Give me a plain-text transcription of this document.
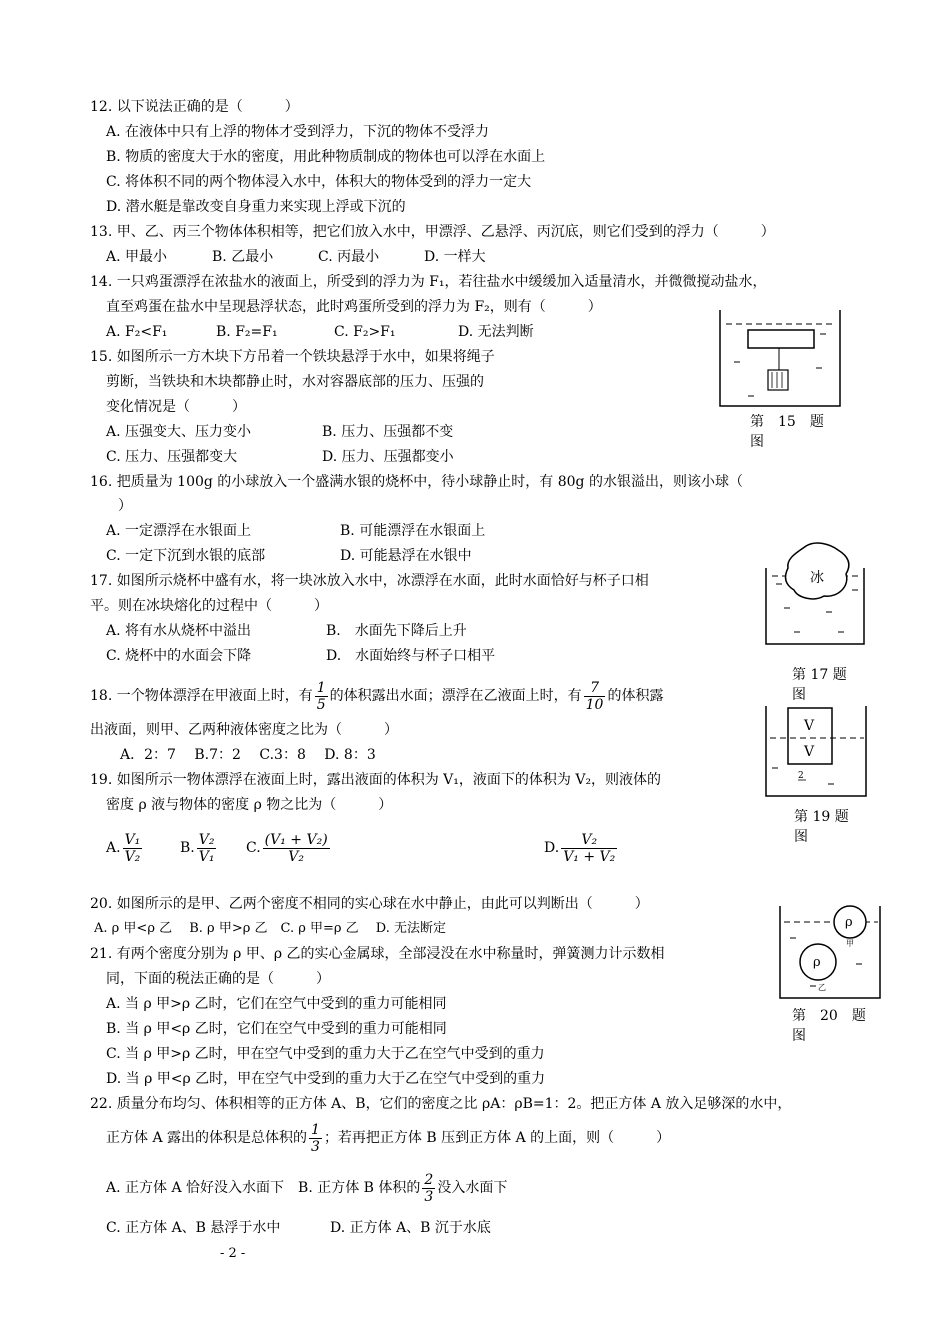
12. 以下说法正确的是（　　　）
A. 在液体中只有上浮的物体才受到浮力，下沉的物体不受浮力
B. 物质的密度大于水的密度，用此种物质制成的物体也可以浮在水面上
C. 将体积不同的两个物体浸入水中，体积大的物体受到的浮力一定大
D. 潜水艇是靠改变自身重力来实现上浮或下沉的
13. 甲、乙、丙三个物体体积相等，把它们放入水中，甲漂浮、乙悬浮、丙沉底，则它们受到的浮力（　　　）
A. 甲最小	B. 乙最小	C. 丙最小	D. 一样大
14. 一只鸡蛋漂浮在浓盐水的液面上，所受到的浮力为 F₁，若往盐水中缓缓加入适量清水，并微微搅动盐水，
直至鸡蛋在盐水中呈现悬浮状态，此时鸡蛋所受到的浮力为 F₂，则有（　　　）
A. F₂<F₁	B. F₂=F₁	C. F₂>F₁	D. 无法判断
15. 如图所示一方木块下方吊着一个铁块悬浮于水中，如果将绳子
剪断，当铁块和木块都静止时，水对容器底部的压力、压强的
变化情况是（　　　）
A. 压强变大、压力变小	B. 压力、压强都不变
C. 压力、压强都变大	D. 压力、压强都变小
第　15　题
图
16. 把质量为 100g 的小球放入一个盛满水银的烧杯中，待小球静止时，有 80g 的水银溢出，则该小球（
）
A. 一定漂浮在水银面上	B. 可能漂浮在水银面上
C. 一定下沉到水银的底部	D. 可能悬浮在水银中
冰
17. 如图所示烧杯中盛有水，将一块冰放入水中，冰漂浮在水面，此时水面恰好与杯子口相
平。则在冰块熔化的过程中（　　　）
A. 将有水从烧杯中溢出	B.　水面先下降后上升
C. 烧杯中的水面会下降	D.　水面始终与杯子口相平
第 17 题
图
18. 一个物体漂浮在甲液面上时，有 $\frac{1}{5}$ 的体积露出水面；漂浮在乙液面上时，有 $\frac{7}{10}$ 的体积露
出液面，则甲、乙两种液体密度之比为（　　　）
A．2：7　 B.7：2　 C.3：8　 D. 8：3
V
V
2
19. 如图所示一物体漂浮在液面上时，露出液面的体积为 V₁，液面下的体积为 V₂，则液体的
密度 ρ 液与物体的密度 ρ 物之比为（　　　）
第 19 题
图
A. $\frac{\text{V₁}}{\text{V₂}}$	B. $\frac{\text{V₂}}{\text{V₁}} C$. $\frac{\text{(V₁ + V₂)}}{\text{V₂}}$	D. $\frac{\text{V₂}}{\text{V₁ + V₂}}$
20. 如图所示的是甲、乙两个密度不相同的实心球在水中静止，由此可以判断出（　　　）
A. ρ 甲<ρ 乙　 B. ρ 甲>ρ 乙　C. ρ 甲=ρ 乙　 D. 无法断定	ρ
甲
ρ
乙
第　20　题
图
21. 有两个密度分别为 ρ 甲、ρ 乙的实心金属球，全部浸没在水中称量时，弹簧测力计示数相
同，下面的税法正确的是（　　　）
A. 当 ρ 甲>ρ 乙时，它们在空气中受到的重力可能相同
B. 当 ρ 甲<ρ 乙时，它们在空气中受到的重力可能相同
C. 当 ρ 甲>ρ 乙时，甲在空气中受到的重力大于乙在空气中受到的重力
D. 当 ρ 甲<ρ 乙时，甲在空气中受到的重力大于乙在空气中受到的重力
22. 质量分布均匀、体积相等的正方体 A、B，它们的密度之比 ρA：ρB=1：2。把正方体 A 放入足够深的水中，
正方体 A 露出的体积是总体积的 $\frac{1}{3}$ ；若再把正方体 B 压到正方体 A 的上面，则（　　　）
A. 正方体 A 恰好没入水面下　 B. 正方体 B 体积的 $\frac{2}{3}$ 没入水面下
C. 正方体 A、B 悬浮于水中	D. 正方体 A、B 沉于水底
- 2 -
